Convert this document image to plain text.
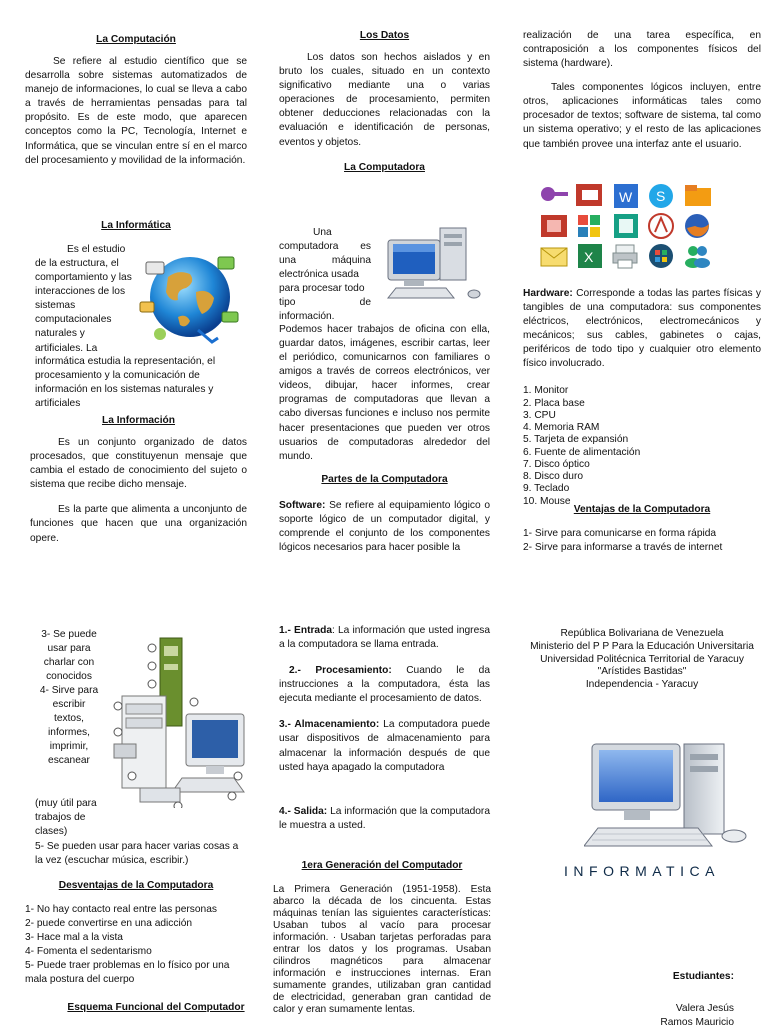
La Computación

Se refiere al estudio científico que se desarrolla sobre sistemas automatizados de manejo de informaciones, lo cual se lleva a cabo a través de herramientas pensadas para tal propósito. Es de este modo, que aparecen conceptos como la PC, Tecnología, Internet e Informática, que se vinculan entre sí en el marco del procesamiento y movilidad de la información.

La Informática

Es el estudio

de la estructura, el

comportamiento y las

interacciones de los

sistemas

computacionales

naturales y

artificiales. La

informática estudia la representación, el procesamiento y la comunicación de información en los sistemas naturales y artificiales

La Información

Es un conjunto organizado de datos procesados, que constituyenun mensaje que cambia el estado de conocimiento del sujeto o sistema que recibe dicho mensaje.

Es la parte que alimenta a unconjunto de funciones que hacen que una organización opere.

Los Datos

Los datos son hechos aislados y en bruto los cuales, situado en un contexto significativo mediante una o varias operaciones de procesamiento, permiten obtener deducciones relacionadas con la evaluación e identificación de personas, eventos y objetos.

La Computadora

Una

computadora es

una máquina

electrónica usada

para procesar todo

tipo de

información.

Podemos hacer trabajos de oficina con ella, guardar datos, imágenes, escribir cartas, leer el periódico, comunicarnos con familiares o amigos a través de correos electrónicos, ver videos, dibujar, hacer informes, crear programas de computadoras que llevan a cabo diversas funciones e incluso nos permite hacer presentaciones que pueden ver otros usuarios de computadoras alrededor del mundo.

Partes de la Computadora

Software: Se refiere al equipamiento lógico o soporte lógico de un computador digital, y comprende el conjunto de los componentes lógicos necesarios para hacer posible la

realización de una tarea específica, en contraposición a los componentes físicos del sistema (hardware).

Tales componentes lógicos incluyen, entre otros, aplicaciones informáticas tales como procesador de textos; software de sistema, tal como un sistema operativo; y el resto de las aplicaciones que también provee una interfaz ante el usuario.

W S
X

Hardware: Corresponde a todas las partes físicas y tangibles de una computadora: sus componentes eléctricos, electrónicos, electromecánicos y mecánicos; sus cables, gabinetes o cajas, periféricos de todo tipo y cualquier otro elemento físico involucrado.

1. Monitor
2. Placa base
3. CPU
4. Memoria RAM
5. Tarjeta de expansión
6. Fuente de alimentación
7. Disco óptico
8. Disco duro
9. Teclado
10. Mouse

Ventajas de la Computadora

1- Sirve para comunicarse en forma rápida

2- Sirve para informarse a través de internet

3- Se puede

usar para

charlar con

conocidos

4- Sirve para

escribir

textos,

informes,

imprimir,

escanear

(muy útil para trabajos de clases)

5- Se pueden usar para hacer varias cosas a la vez (escuchar música, escribir.)

Desventajas de la Computadora

1- No hay contacto real entre las personas
2- puede convertirse en una adicción
3- Hace mal a la vista
4- Fomenta el sedentarismo
5- Puede traer problemas en lo físico por una mala postura del cuerpo

Esquema Funcional del Computador

1.- Entrada: La información que usted ingresa a la computadora se llama entrada.

2.- Procesamiento: Cuando le da instrucciones a la computadora, ésta las ejecuta mediante el procesamiento de datos.

3.- Almacenamiento: La computadora puede usar dispositivos de almacenamiento para almacenar la información después de que usted haya apagado la computadora

4.- Salida: La información que la computadora le muestra a usted.

1era Generación del Computador

La Primera Generación (1951-1958). Esta abarco la década de los cincuenta. Estas máquinas tenían las siguientes características: Usaban tubos al vacío para procesar información. · Usaban tarjetas perforadas para entrar los datos y los programas. Usaban cilindros magnéticos para almacenar información e instrucciones internas. Eran sumamente grandes, utilizaban gran cantidad de electricidad, generaban gran cantidad de calor y eran sumamente lentas.

República Bolivariana de Venezuela

Ministerio del P P Para la Educación Universitaria

Universidad Politécnica Territorial de Yaracuy

"Arístides Bastidas"

Independencia - Yaracuy

INFORMATICA

Estudiantes:

Valera Jesús

Ramos Mauricio
